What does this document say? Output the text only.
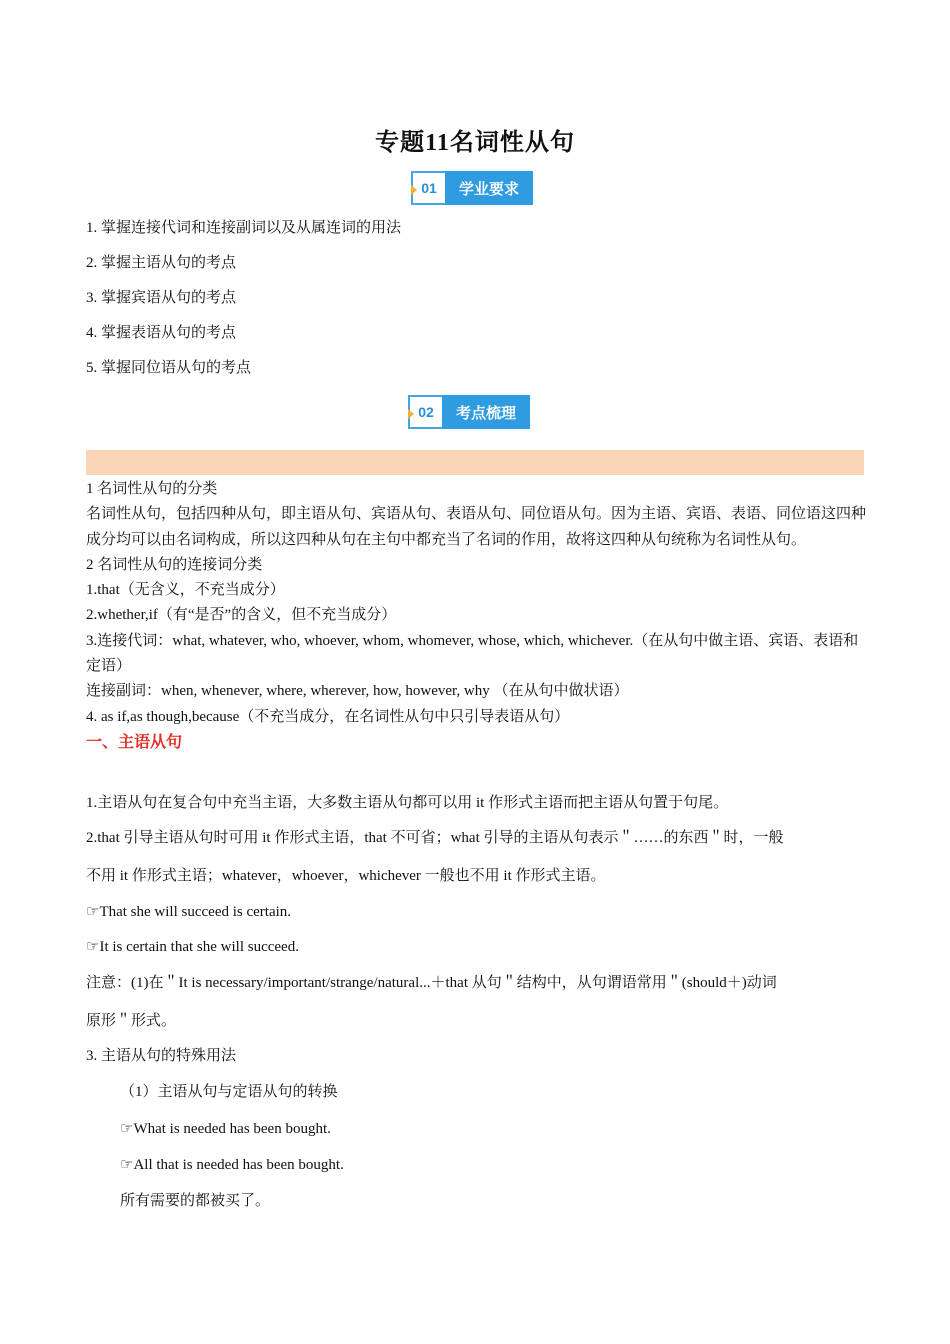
专题11名词性从句
01	学业要求
1. 掌握连接代词和连接副词以及从属连词的用法
2. 掌握主语从句的考点
3. 掌握宾语从句的考点
4. 掌握表语从句的考点
5. 掌握同位语从句的考点
02	考点梳理

1 名词性从句的分类

名词性从句，包括四种从句，即主语从句、宾语从句、表语从句、同位语从句。因为主语、宾语、表语、同位语这四种成分均可以由名词构成，所以这四种从句在主句中都充当了名词的作用，故将这四种从句统称为名词性从句。

2 名词性从句的连接词分类

1.that（无含义，不充当成分）

2.whether,if（有“是否”的含义，但不充当成分）

3.连接代词：what, whatever, who, whoever, whom, whomever, whose, which, whichever.（在从句中做主语、宾语、表语和定语）

连接副词：when, whenever, where, wherever, how, however, why （在从句中做状语）

4. as if,as though,because（不充当成分，在名词性从句中只引导表语从句）

一、主语从句

1.主语从句在复合句中充当主语，大多数主语从句都可以用 it 作形式主语而把主语从句置于句尾。
2.that 引导主语从句时可用 it 作形式主语，that 不可省；what 引导的主语从句表示＂……的东西＂时，一般
不用 it 作形式主语；whatever，whoever，whichever 一般也不用 it 作形式主语。
☞That she will succeed is certain.
☞It is certain that she will succeed.
注意：(1)在＂It is necessary/important/strange/natural...＋that 从句＂结构中，从句谓语常用＂(should＋)动词
原形＂形式。
3. 主语从句的特殊用法
（1）主语从句与定语从句的转换
☞What is needed has been bought.
☞All that is needed has been bought.
所有需要的都被买了。
